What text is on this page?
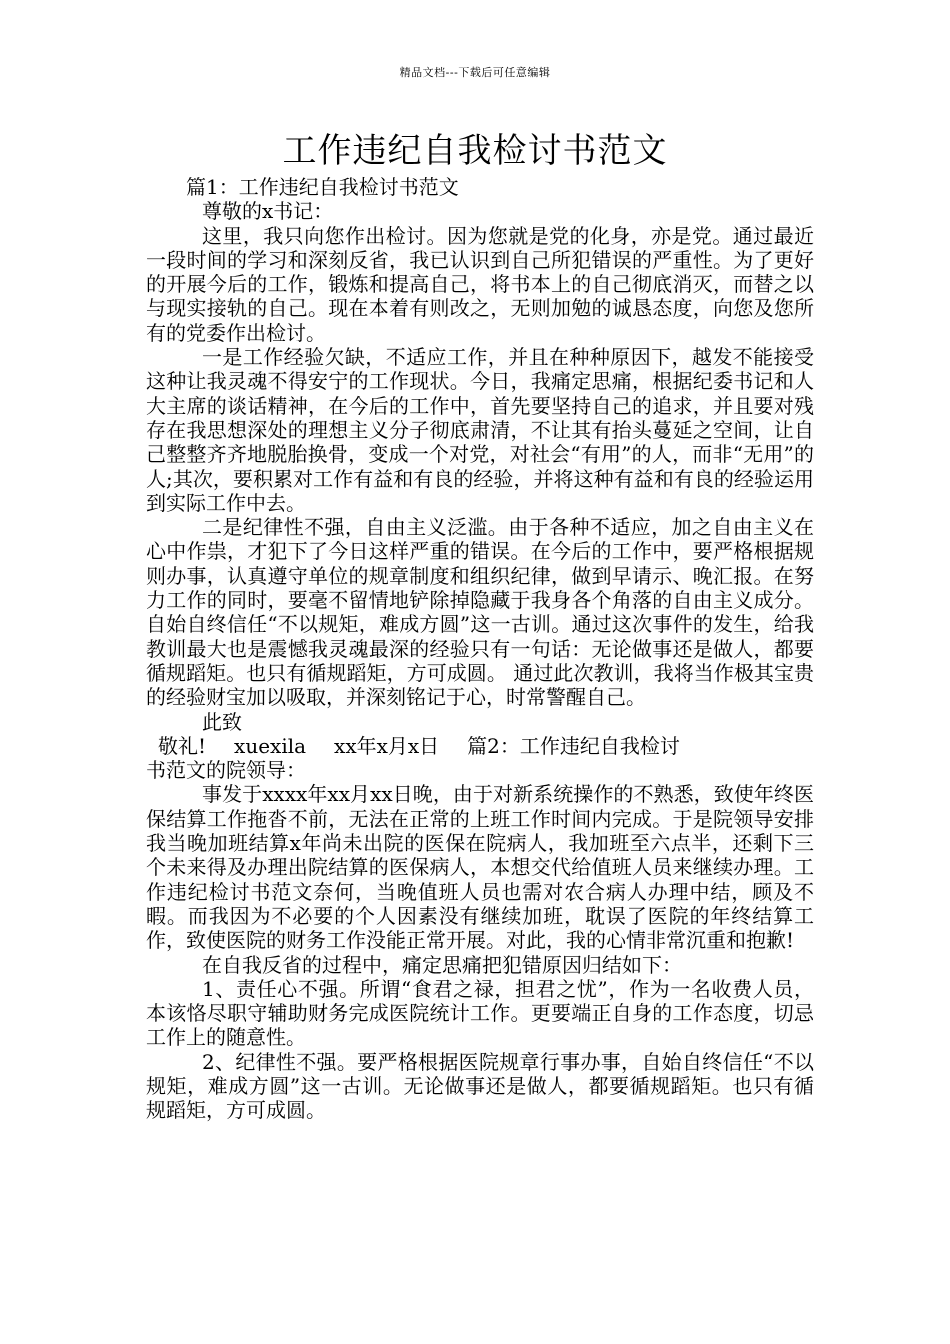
精品文档---下载后可任意编辑
工作违纪自我检讨书范文

篇1：工作违纪自我检讨书范文

尊敬的x书记：

这里，我只向您作出检讨。因为您就是党的化身，亦是党。通过最近一段时间的学习和深刻反省，我已认识到自己所犯错误的严重性。为了更好的开展今后的工作，锻炼和提高自己，将书本上的自己彻底消灭，而替之以与现实接轨的自己。现在本着有则改之，无则加勉的诚恳态度，向您及您所有的党委作出检讨。

一是工作经验欠缺，不适应工作，并且在种种原因下，越发不能接受这种让我灵魂不得安宁的工作现状。今日，我痛定思痛，根据纪委书记和人大主席的谈话精神，在今后的工作中，首先要坚持自己的追求，并且要对残存在我思想深处的理想主义分子彻底肃清，不让其有抬头蔓延之空间，让自己整整齐齐地脱胎换骨，变成一个对党，对社会“有用”的人，而非“无用”的人;其次，要积累对工作有益和有良的经验，并将这种有益和有良的经验运用到实际工作中去。

二是纪律性不强，自由主义泛滥。由于各种不适应，加之自由主义在心中作祟，才犯下了今日这样严重的错误。在今后的工作中，要严格根据规则办事，认真遵守单位的规章制度和组织纪律，做到早请示、晚汇报。在努力工作的同时，要毫不留情地铲除掉隐藏于我身各个角落的自由主义成分。自始自终信任“不以规矩，难成方圆”这一古训。通过这次事件的发生，给我教训最大也是震憾我灵魂最深的经验只有一句话：无论做事还是做人，都要循规蹈矩。也只有循规蹈矩，方可成圆。 通过此次教训，我将当作极其宝贵的经验财宝加以吸取，并深刻铭记于心，时常警醒自己。

此致

敬礼! xuexila xx年x月x日 篇2：工作违纪自我检讨

书范文的院领导：

事发于xxxx年xx月xx日晚，由于对新系统操作的不熟悉，致使年终医保结算工作拖沓不前，无法在正常的上班工作时间内完成。于是院领导安排我当晚加班结算x年尚未出院的医保在院病人，我加班至六点半，还剩下三个未来得及办理出院结算的医保病人，本想交代给值班人员来继续办理。工作违纪检讨书范文奈何，当晚值班人员也需对农合病人办理中结，顾及不暇。而我因为不必要的个人因素没有继续加班，耽误了医院的年终结算工作，致使医院的财务工作没能正常开展。对此，我的心情非常沉重和抱歉!

在自我反省的过程中，痛定思痛把犯错原因归结如下：

1、责任心不强。所谓“食君之禄，担君之忧”，作为一名收费人员，本该恪尽职守辅助财务完成医院统计工作。更要端正自身的工作态度，切忌工作上的随意性。

2、纪律性不强。要严格根据医院规章行事办事，自始自终信任“不以规矩，难成方圆”这一古训。无论做事还是做人，都要循规蹈矩。也只有循规蹈矩，方可成圆。
